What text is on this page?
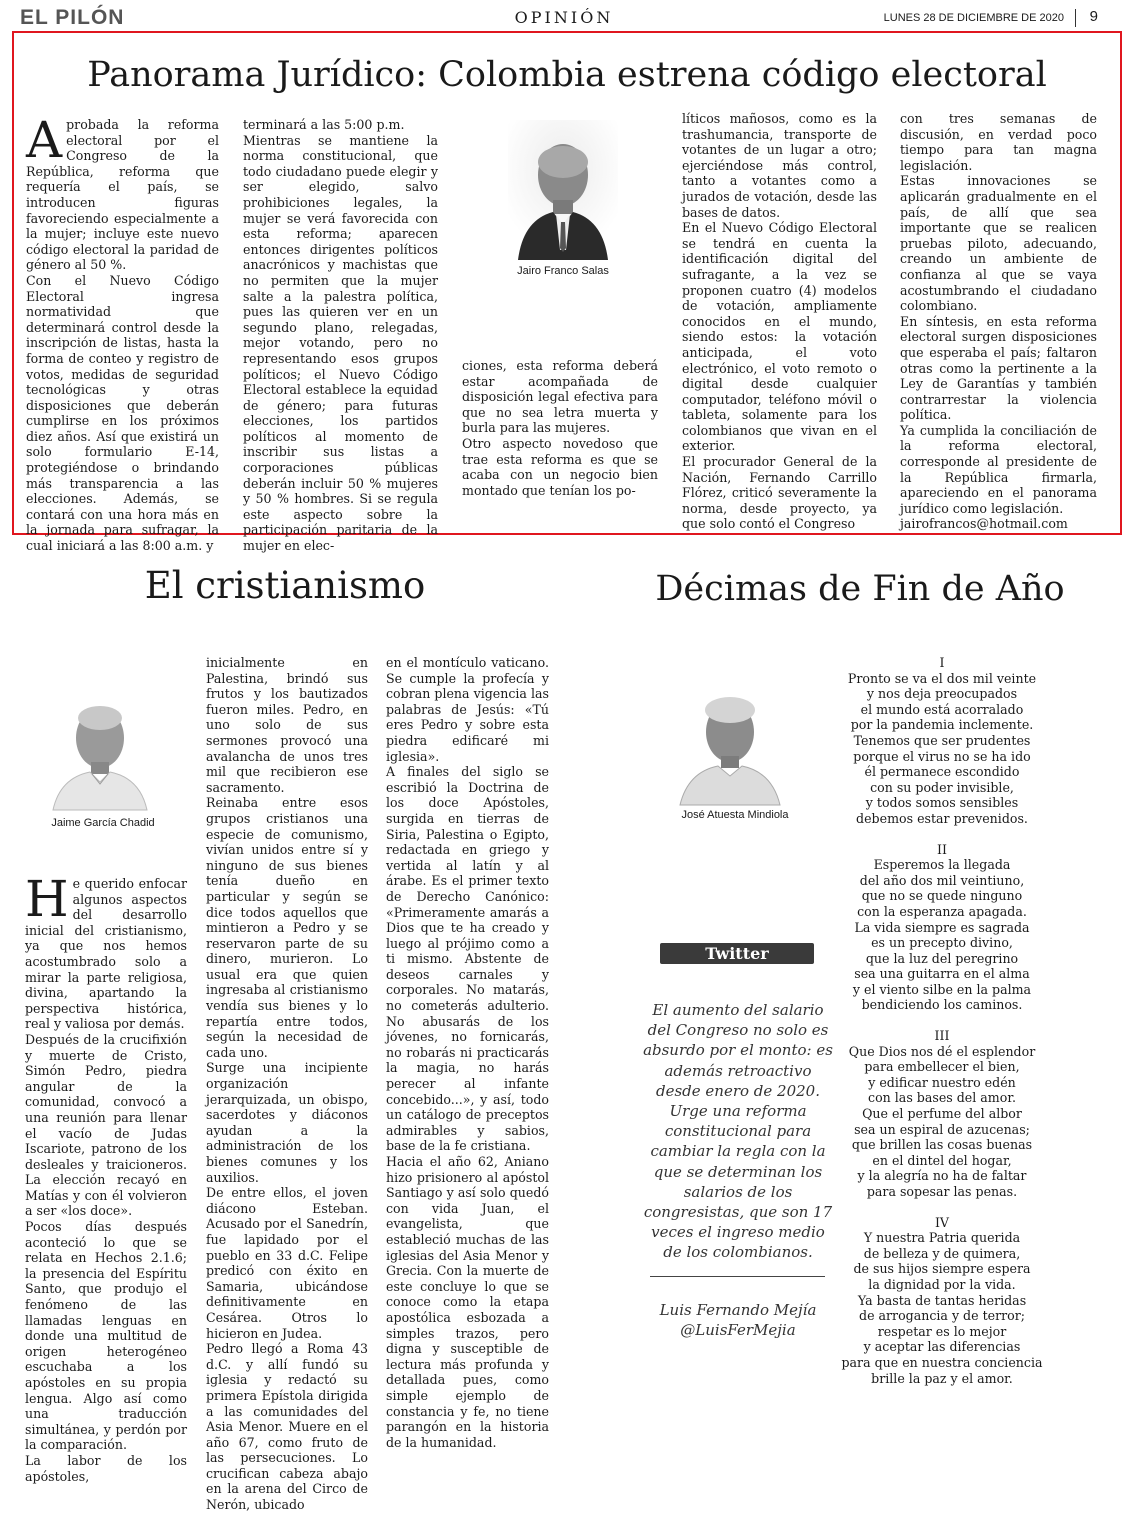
EL PILÓN	OPINIÓN	LUNES 28 DE DICIEMBRE DE 2020 9
Panorama Jurídico: Colombia estrena código electoral
A probada la reforma electoral por el Congreso de la República, reforma que requería el país, se introducen figuras favoreciendo especialmente a la mujer; incluye este nuevo código electoral la paridad de género al 50 %.

Con el Nuevo Código Electoral ingresa normatividad que determinará control desde la inscripción de listas, hasta la forma de conteo y registro de votos, medidas de seguridad tecnológicas y otras disposiciones que deberán cumplirse en los próximos diez años. Así que existirá un solo formulario E-14, protegiéndose o brindando más transparencia a las elecciones. Además, se contará con una hora más en la jornada para sufragar, la cual iniciará a las 8:00 a.m. y

terminará a las 5:00 p.m.

Mientras se mantiene la norma constitucional, que todo ciudadano puede elegir y ser elegido, salvo prohibiciones legales, la mujer se verá favorecida con esta reforma; aparecen entonces dirigentes políticos anacrónicos y machistas que no permiten que la mujer salte a la palestra política, pues las quieren ver en un segundo plano, relegadas, mejor votando, pero no representando esos grupos políticos; el Nuevo Código Electoral establece la equidad de género; para futuras elecciones, los partidos políticos al momento de inscribir sus listas a corporaciones públicas deberán incluir 50 % mujeres y 50 % hombres. Si se regula este aspecto sobre la participación paritaria de la mujer en elec-

Jairo Franco Salas

ciones, esta reforma deberá estar acompañada de disposición legal efectiva para que no sea letra muerta y burla para las mujeres.

Otro aspecto novedoso que trae esta reforma es que se acaba con un negocio bien montado que tenían los po-

líticos mañosos, como es la trashumancia, transporte de votantes de un lugar a otro; ejerciéndose más control, tanto a votantes como a jurados de votación, desde las bases de datos.

En el Nuevo Código Electoral se tendrá en cuenta la identificación digital del sufragante, a la vez se proponen cuatro (4) modelos de votación, ampliamente conocidos en el mundo, siendo estos: la votación anticipada, el voto electrónico, el voto remoto o digital desde cualquier computador, teléfono móvil o tableta, solamente para los colombianos que vivan en el exterior.

El procurador General de la Nación, Fernando Carrillo Flórez, criticó severamente la norma, desde proyecto, ya que solo contó el Congreso

con tres semanas de discusión, en verdad poco tiempo para tan magna legislación.

Estas innovaciones se aplicarán gradualmente en el país, de allí que sea importante que se realicen pruebas piloto, adecuando, creando un ambiente de confianza al que se vaya acostumbrando el ciudadano colombiano.

En síntesis, en esta reforma electoral surgen disposiciones que esperaba el país; faltaron otras como la pertinente a la Ley de Garantías y también contrarrestar la violencia política.

Ya cumplida la conciliación de la reforma electoral, corresponde al presidente de la República firmarla, apareciendo en el panorama jurídico como legislación.

jairofrancos@hotmail.com

El cristianismo
Jaime García Chadid
H e querido enfocar algunos aspectos del desarrollo inicial del cristianismo, ya que nos hemos acostumbrado solo a mirar la parte religiosa, divina, apartando la perspectiva histórica, real y valiosa por demás.

Después de la crucifixión y muerte de Cristo, Simón Pedro, piedra angular de la comunidad, convocó a una reunión para llenar el vacío de Judas Iscariote, patrono de los desleales y traicioneros. La elección recayó en Matías y con él volvieron a ser «los doce».

Pocos días después aconteció lo que se relata en Hechos 2.1.6; la presencia del Espíritu Santo, que produjo el fenómeno de las llamadas lenguas en donde una multitud de origen heterogéneo escuchaba a los apóstoles en su propia lengua. Algo así como una traducción simultánea, y perdón por la comparación.

La labor de los apóstoles,

inicialmente en Palestina, brindó sus frutos y los bautizados fueron miles. Pedro, en uno solo de sus sermones provocó una avalancha de unos tres mil que recibieron ese sacramento.

Reinaba entre esos grupos cristianos una especie de comunismo, vivían unidos entre sí y ninguno de sus bienes tenía dueño en particular y según se dice todos aquellos que mintieron a Pedro y se reservaron parte de su dinero, murieron. Lo usual era que quien ingresaba al cristianismo vendía sus bienes y lo repartía entre todos, según la necesidad de cada uno.

Surge una incipiente organización jerarquizada, un obispo, sacerdotes y diáconos ayudan a la administración de los bienes comunes y los auxilios.

De entre ellos, el joven diácono Esteban. Acusado por el Sanedrín, fue lapidado por el pueblo en 33 d.C. Felipe predicó con éxito en Samaria, ubicándose definitivamente en Cesárea. Otros lo hicieron en Judea.

Pedro llegó a Roma 43 d.C. y allí fundó su iglesia y redactó su primera Epístola dirigida a las comunidades del Asia Menor. Muere en el año 67, como fruto de las persecuciones. Lo crucifican cabeza abajo en la arena del Circo de Nerón, ubicado

en el montículo vaticano. Se cumple la profecía y cobran plena vigencia las palabras de Jesús: «Tú eres Pedro y sobre esta piedra edificaré mi iglesia».

A finales del siglo se escribió la Doctrina de los doce Apóstoles, surgida en tierras de Siria, Palestina o Egipto, redactada en griego y vertida al latín y al árabe. Es el primer texto de Derecho Canónico: «Primeramente amarás a Dios que te ha creado y luego al prójimo como a ti mismo. Abstente de deseos carnales y corporales. No matarás, no cometerás adulterio. No abusarás de los jóvenes, no fornicarás, no robarás ni practicarás la magia, no harás perecer al infante concebido...», y así, todo un catálogo de preceptos admirables y sabios, base de la fe cristiana.

Hacia el año 62, Aniano hizo prisionero al apóstol Santiago y así solo quedó con vida Juan, el evangelista, que estableció muchas de las iglesias del Asia Menor y Grecia. Con la muerte de este concluye lo que se conoce como la etapa apostólica esbozada a simples trazos, pero digna y susceptible de lectura más profunda y detallada pues, como simple ejemplo de constancia y fe, no tiene parangón en la historia de la humanidad.

Décimas de Fin de Año
José Atuesta Mindiola
Twitter
El aumento del salario del Congreso no solo es absurdo por el monto: es además retroactivo desde enero de 2020. Urge una reforma constitucional para cambiar la regla con la que se determinan los salarios de los congresistas, que son 17 veces el ingreso medio de los colombianos.
Luis Fernando Mejía
@LuisFerMejia

I

Pronto se va el dos mil veinte

y nos deja preocupados

el mundo está acorralado

por la pandemia inclemente.

Tenemos que ser prudentes

porque el virus no se ha ido

él permanece escondido

con su poder invisible,

y todos somos sensibles

debemos estar prevenidos.

II

Esperemos la llegada

del año dos mil veintiuno,

que no se quede ninguno

con la esperanza apagada.

La vida siempre es sagrada

es un precepto divino,

que la luz del peregrino

sea una guitarra en el alma

y el viento silbe en la palma

bendiciendo los caminos.

III

Que Dios nos dé el esplendor

para embellecer el bien,

y edificar nuestro edén

con las bases del amor.

Que el perfume del albor

sea un espiral de azucenas;

que brillen las cosas buenas

en el dintel del hogar,

y la alegría no ha de faltar

para sopesar las penas.

IV

Y nuestra Patria querida

de belleza y de quimera,

de sus hijos siempre espera

la dignidad por la vida.

Ya basta de tantas heridas

de arrogancia y de terror;

respetar es lo mejor

y aceptar las diferencias

para que en nuestra conciencia

brille la paz y el amor.
